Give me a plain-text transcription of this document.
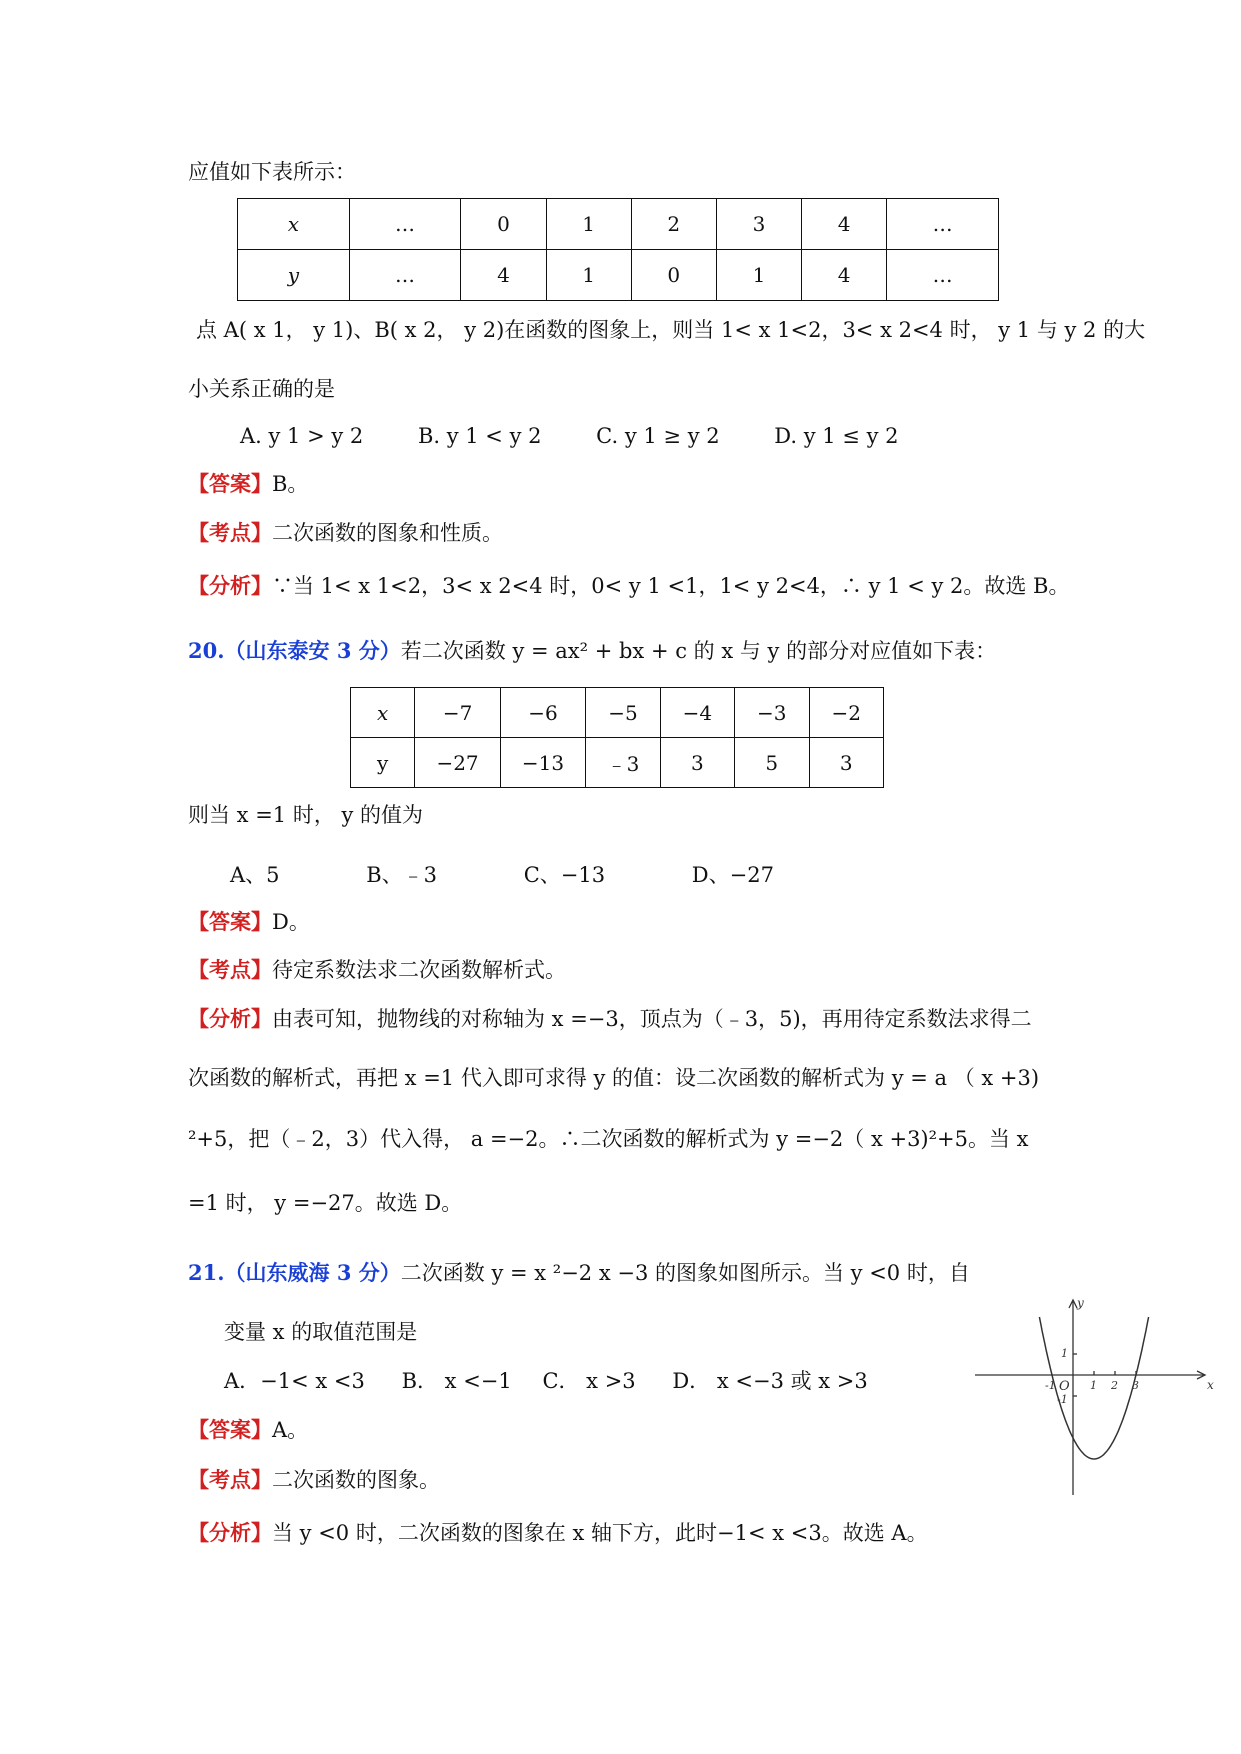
应值如下表所示：
x	…	0	1	2	3	4	…
y	…	4	1	0	1	4	…
点 A( x 1， y 1)、B( x 2， y 2)在函数的图象上，则当 1< x 1<2，3< x 2<4 时， y 1 与 y 2 的大
小关系正确的是
A. y 1 > y 2	B. y 1 < y 2	C. y 1 ≥ y 2	D. y 1 ≤ y 2
【答案】B。
【考点】二次函数的图象和性质。
【分析】∵当 1< x 1<2，3< x 2<4 时，0< y 1 <1，1< y 2<4，∴ y 1 < y 2。故选 B。
20.（山东泰安 3 分）若二次函数 y = ax² + bx + c 的 x 与 y 的部分对应值如下表：
x	−7	−6	−5	−4	−3	−2
y	−27	−13	﹣3	3	5	3
则当 x =1 时， y 的值为
A、5	B、﹣3	C、−13	D、−27
【答案】D。
【考点】待定系数法求二次函数解析式。
【分析】由表可知，抛物线的对称轴为 x =−3，顶点为（﹣3，5)，再用待定系数法求得二
次函数的解析式，再把 x =1 代入即可求得 y 的值：设二次函数的解析式为 y = a （ x +3)
²+5，把（﹣2，3）代入得， a =−2。∴二次函数的解析式为 y =−2（ x +3)²+5。当 x
=1 时， y =−27。故选 D。
21.（山东威海 3 分）二次函数 y = x ²−2 x −3 的图象如图所示。当 y <0 时，自
变量 x 的取值范围是
A．−1< x <3 B． x <−1 C． x >3 D． x <−3 或 x >3
【答案】A。
【考点】二次函数的图象。
【分析】当 y <0 时，二次函数的图象在 x 轴下方，此时−1< x <3。故选 A。
y
x
O
-1	1 2 3
1
-1
